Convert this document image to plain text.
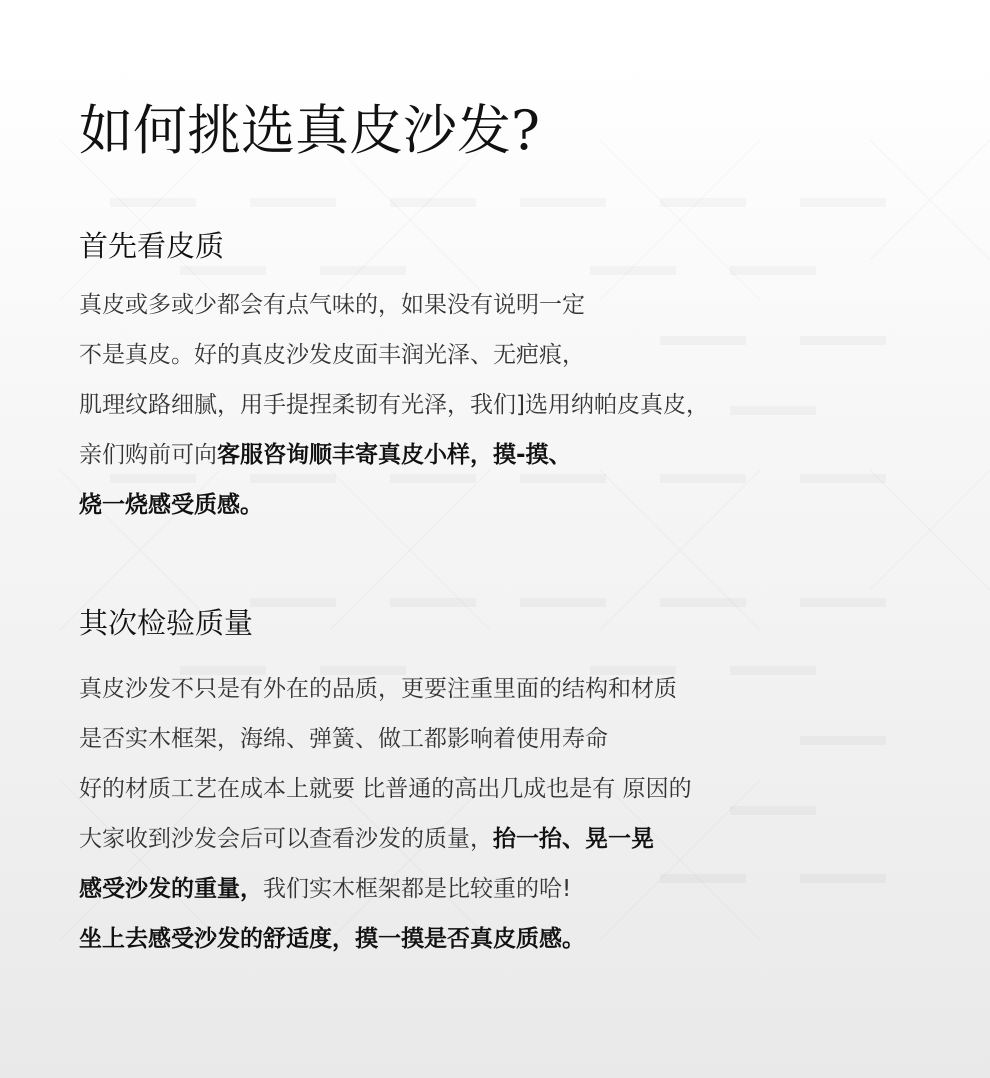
如何挑选真皮沙发?
首先看皮质

真皮或多或少都会有点气味的，如果没有说明一定

不是真皮。好的真皮沙发皮面丰润光泽、无疤痕，

肌理纹路细腻，用手提捏柔韧有光泽，我们]选用纳帕皮真皮，

亲们购前可向客服咨询顺丰寄真皮小样，摸-摸、

烧一烧感受质感。

其次检验质量

真皮沙发不只是有外在的品质，更要注重里面的结构和材质

是否实木框架，海绵、弹簧、做工都影响着使用寿命

好的材质工艺在成本上就要 比普通的高出几成也是有 原因的

大家收到沙发会后可以查看沙发的质量，抬一抬、晃一晃

感受沙发的重量，我们实木框架都是比较重的哈!

坐上去感受沙发的舒适度，摸一摸是否真皮质感。
